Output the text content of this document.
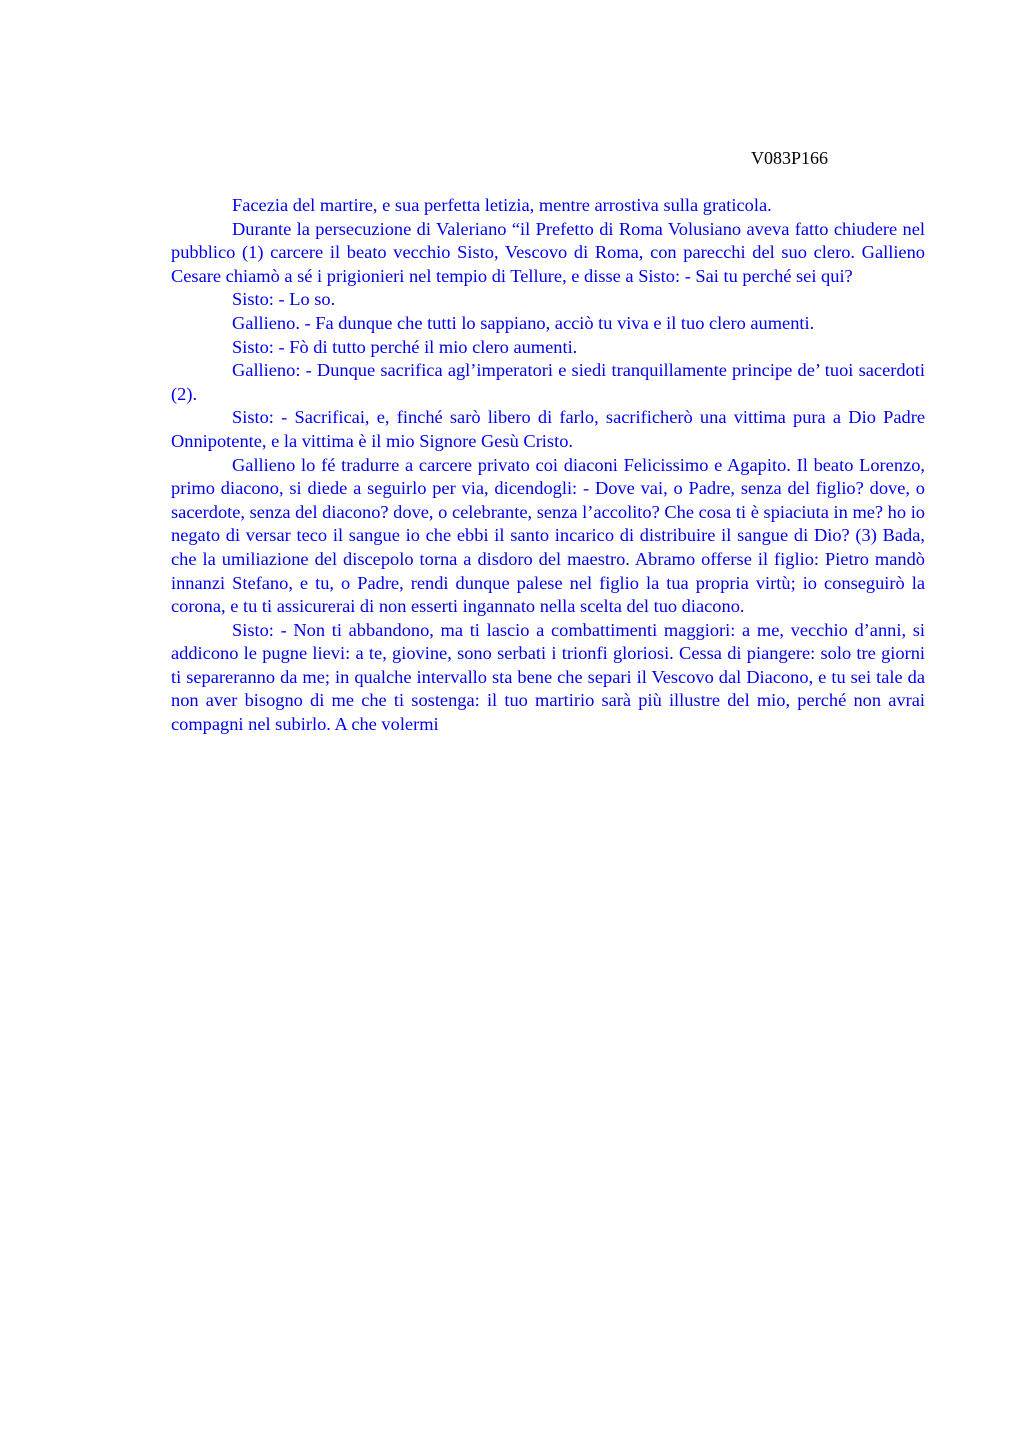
V083P166

Facezia del martire, e sua perfetta letizia, mentre arrostiva sulla graticola.

Durante la persecuzione di Valeriano “il Prefetto di Roma Volusiano aveva fatto chiudere nel pubblico (1) carcere il beato vecchio Sisto, Vescovo di Roma, con parecchi del suo clero. Gallieno Cesare chiamò a sé i prigionieri nel tempio di Tellure, e disse a Sisto: - Sai tu perché sei qui?

Sisto: - Lo so.

Gallieno. - Fa dunque che tutti lo sappiano, acciò tu viva e il tuo clero aumenti.

Sisto: - Fò di tutto perché il mio clero aumenti.

Gallieno: - Dunque sacrifica agl’imperatori e siedi tranquillamente principe de’ tuoi sacerdoti (2).

Sisto: - Sacrificai, e, finché sarò libero di farlo, sacrificherò una vittima pura a Dio Padre Onnipotente, e la vittima è il mio Signore Gesù Cristo.

Gallieno lo fé tradurre a carcere privato coi diaconi Felicissimo e Agapito. Il beato Lorenzo, primo diacono, si diede a seguirlo per via, dicendogli: - Dove vai, o Padre, senza del figlio? dove, o sacerdote, senza del diacono? dove, o celebrante, senza l’accolito? Che cosa ti è spiaciuta in me? ho io negato di versar teco il sangue io che ebbi il santo incarico di distribuire il sangue di Dio? (3) Bada, che la umiliazione del discepolo torna a disdoro del maestro. Abramo offerse il figlio: Pietro mandò innanzi Stefano, e tu, o Padre, rendi dunque palese nel figlio la tua propria virtù; io conseguirò la corona, e tu ti assicurerai di non esserti ingannato nella scelta del tuo diacono.

Sisto: - Non ti abbandono, ma ti lascio a combattimenti maggiori: a me, vecchio d’anni, si addicono le pugne lievi: a te, giovine, sono serbati i trionfi gloriosi. Cessa di piangere: solo tre giorni ti separeranno da me; in qualche intervallo sta bene che separi il Vescovo dal Diacono, e tu sei tale da non aver bisogno di me che ti sostenga: il tuo martirio sarà più illustre del mio, perché non avrai compagni nel subirlo. A che volermi
